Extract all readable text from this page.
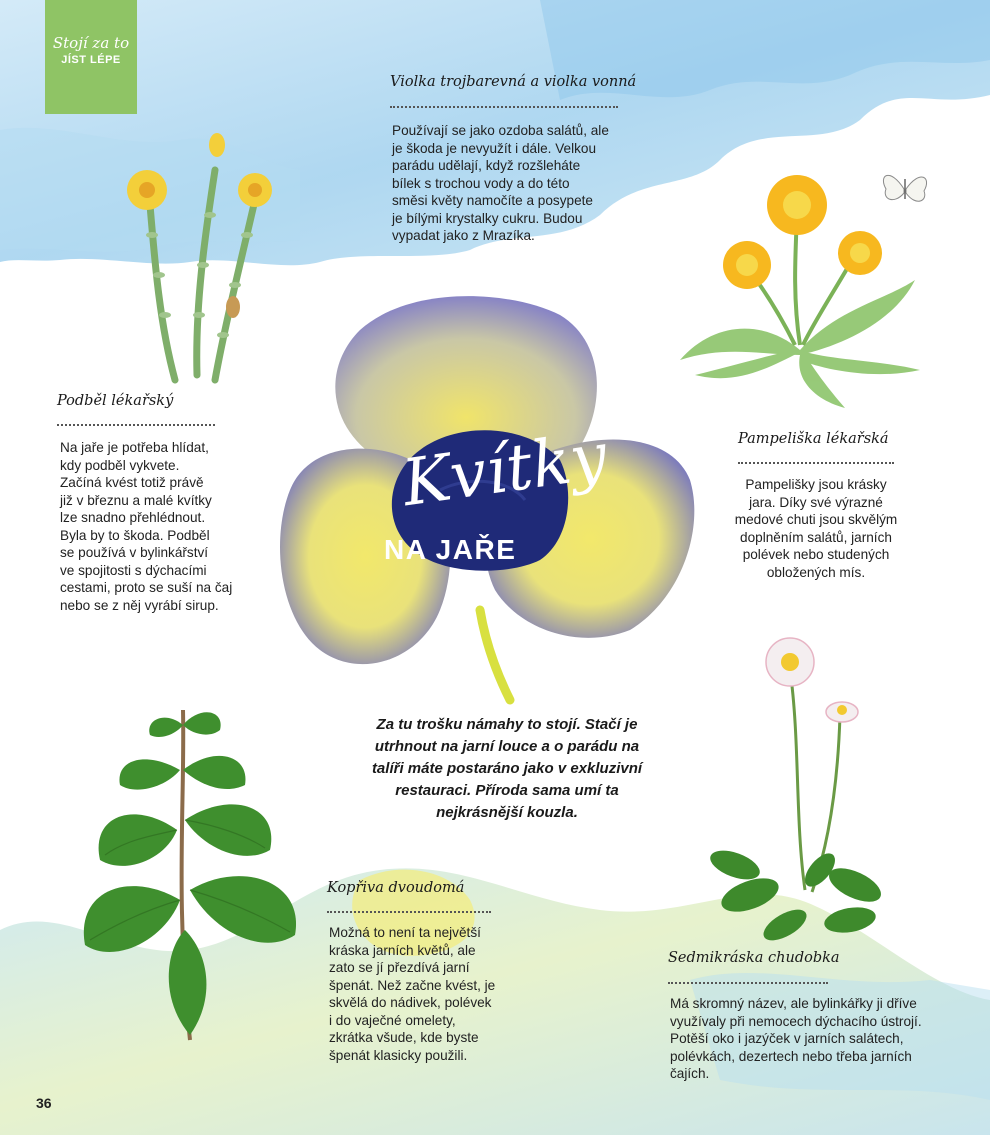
Stojí za to
JÍST LÉPE
Kvítky
NA JAŘE
Violka trojbarevná a violka vonná
Používají se jako ozdoba salátů, ale
je škoda je nevyužít i dále. Velkou
parádu udělají, když rozšleháte
bílek s trochou vody a do této
směsi květy namočíte a posypete
je bílými krystalky cukru. Budou
vypadat jako z Mrazíka.
Podběl lékařský
Na jaře je potřeba hlídat,
kdy podběl vykvete.
Začíná kvést totiž právě
již v březnu a malé kvítky
lze snadno přehlédnout.
Byla by to škoda. Podběl
se používá v bylinkářství
ve spojitosti s dýchacími
cestami, proto se suší na čaj
nebo se z něj vyrábí sirup.
Pampeliška lékařská
Pampelišky jsou krásky
jara. Díky své výrazné
medové chuti jsou skvělým
doplněním salátů, jarních
polévek nebo studených
obložených mís.
Za tu trošku námahy to stojí. Stačí je
utrhnout na jarní louce a o parádu na
talíři máte postaráno jako v exkluzivní
restauraci. Příroda sama umí ta
nejkrásnější kouzla.
Kopřiva dvoudomá
Možná to není ta největší
kráska jarních květů, ale
zato se jí přezdívá jarní
špenát. Než začne kvést, je
skvělá do nádivek, polévek
i do vaječné omelety,
zkrátka všude, kde byste
špenát klasicky použili.
Sedmikráska chudobka
Má skromný název, ale bylinkářky ji dříve
využívaly při nemocech dýchacího ústrojí.
Potěší oko i jazýček v jarních salátech,
polévkách, dezertech nebo třeba jarních
čajích.
36
